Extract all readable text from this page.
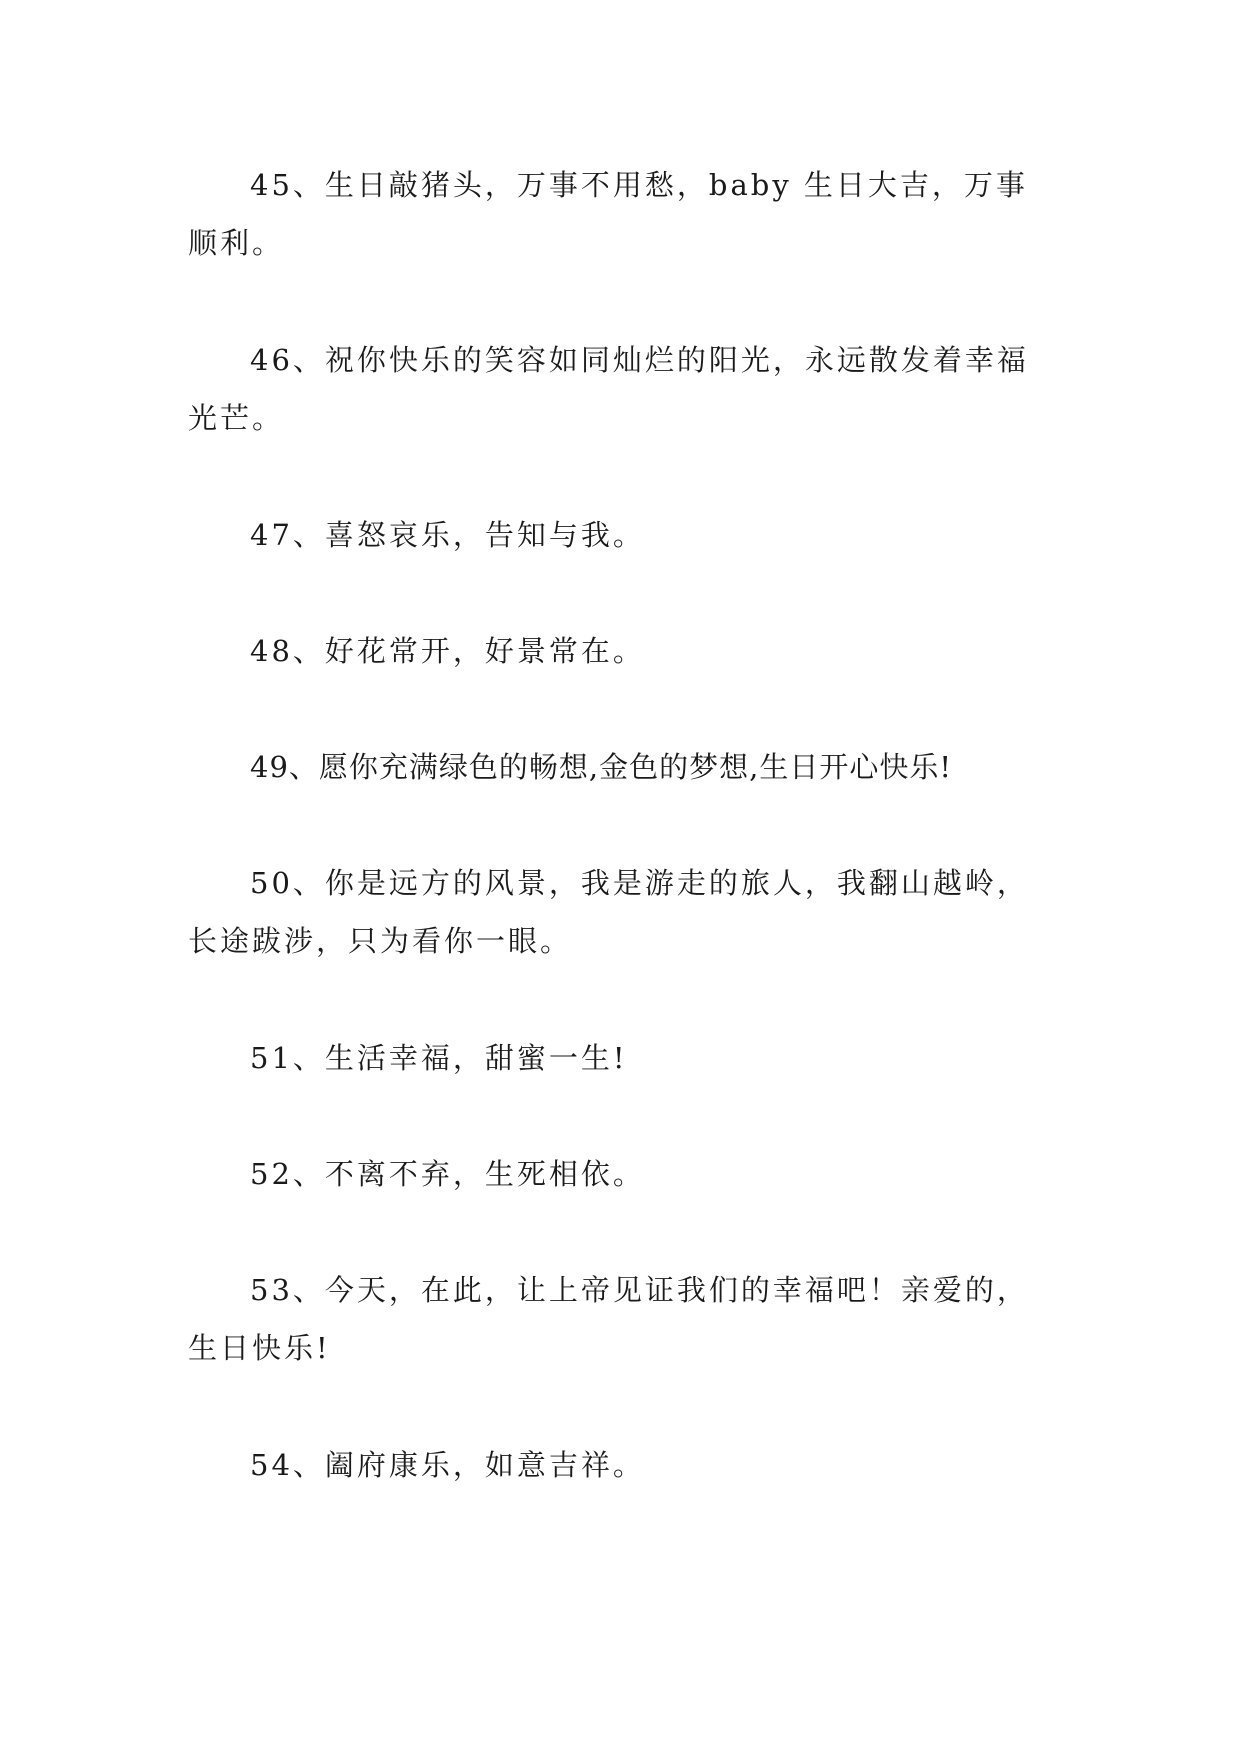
45、生日敲猪头，万事不用愁，baby 生日大吉，万事顺利。

46、祝你快乐的笑容如同灿烂的阳光，永远散发着幸福光芒。

47、喜怒哀乐，告知与我。

48、好花常开，好景常在。

49、愿你充满绿色的畅想,金色的梦想,生日开心快乐!

50、你是远方的风景，我是游走的旅人，我翻山越岭，长途跋涉，只为看你一眼。

51、生活幸福，甜蜜一生!

52、不离不弃，生死相依。

53、今天，在此，让上帝见证我们的幸福吧！亲爱的，生日快乐!

54、阖府康乐，如意吉祥。
